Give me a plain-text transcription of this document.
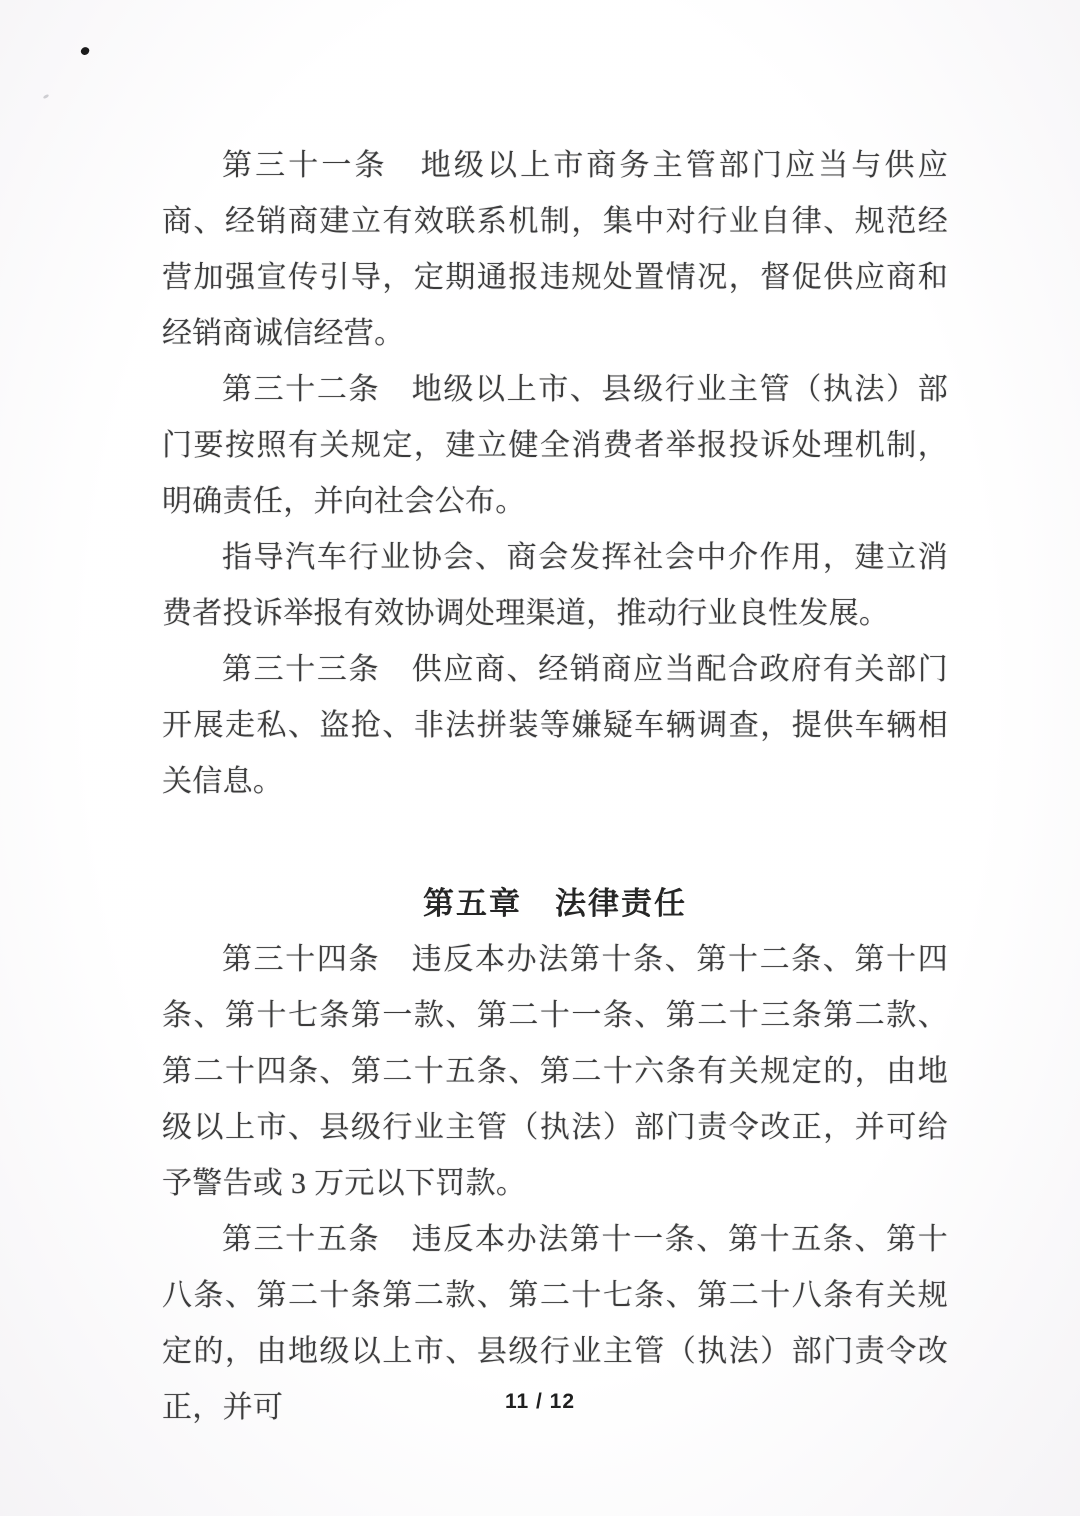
第三十一条　地级以上市商务主管部门应当与供应商、经销商建立有效联系机制，集中对行业自律、规范经营加强宣传引导，定期通报违规处置情况，督促供应商和经销商诚信经营。

第三十二条　地级以上市、县级行业主管（执法）部门要按照有关规定，建立健全消费者举报投诉处理机制，明确责任，并向社会公布。

指导汽车行业协会、商会发挥社会中介作用，建立消费者投诉举报有效协调处理渠道，推动行业良性发展。

第三十三条　供应商、经销商应当配合政府有关部门开展走私、盗抢、非法拼装等嫌疑车辆调查，提供车辆相关信息。

第五章　法律责任

第三十四条　违反本办法第十条、第十二条、第十四条、第十七条第一款、第二十一条、第二十三条第二款、第二十四条、第二十五条、第二十六条有关规定的，由地级以上市、县级行业主管（执法）部门责令改正，并可给予警告或 3 万元以下罚款。

第三十五条　违反本办法第十一条、第十五条、第十八条、第二十条第二款、第二十七条、第二十八条有关规定的，由地级以上市、县级行业主管（执法）部门责令改正，并可	11 / 12
